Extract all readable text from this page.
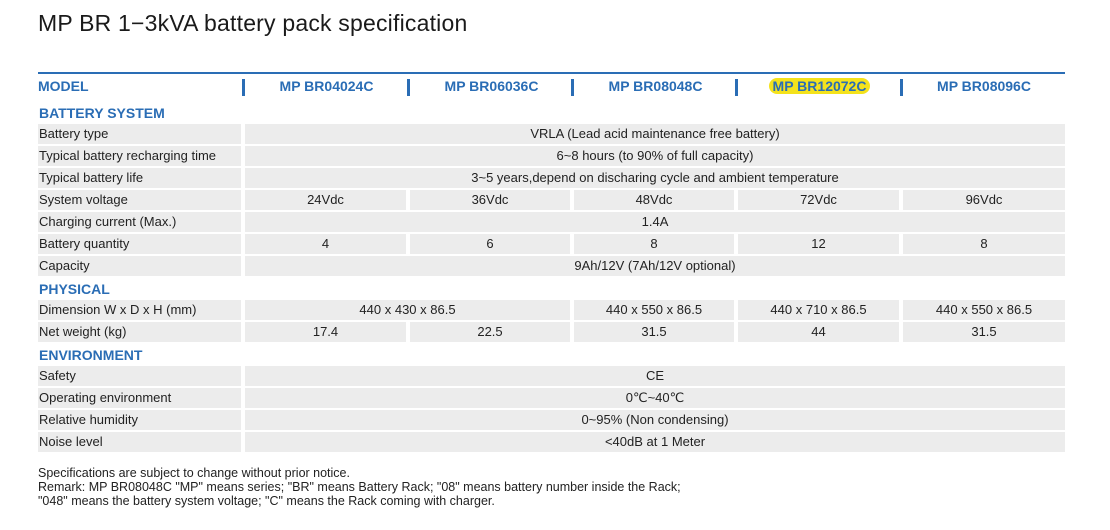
MP BR 1−3kVA battery pack specification
MODEL	MP BR04024C	MP BR06036C	MP BR08048C	MP BR12072C	MP BR08096C
BATTERY SYSTEM
Battery type	VRLA (Lead acid maintenance free battery)
Typical battery recharging time	6~8 hours (to 90% of full capacity)
Typical battery life	3~5 years,depend on discharing cycle and ambient temperature
System voltage	24Vdc	36Vdc	48Vdc	72Vdc	96Vdc
Charging current (Max.)	1.4A
Battery quantity	4	6	8	12	8
Capacity	9Ah/12V (7Ah/12V optional)
PHYSICAL
Dimension W x D x H (mm)	440 x 430 x 86.5	440 x 550 x 86.5	440 x 710 x 86.5	440 x 550 x 86.5
Net weight (kg)	17.4	22.5	31.5	44	31.5
ENVIRONMENT
Safety	CE
Operating environment	0℃~40℃
Relative humidity	0~95% (Non condensing)
Noise level	<40dB at 1 Meter
Specifications are subject to change without prior notice.
Remark: MP BR08048C "MP" means series; "BR" means Battery Rack; "08" means battery number inside the Rack;
"048" means the battery system voltage; "C" means the Rack coming with charger.
